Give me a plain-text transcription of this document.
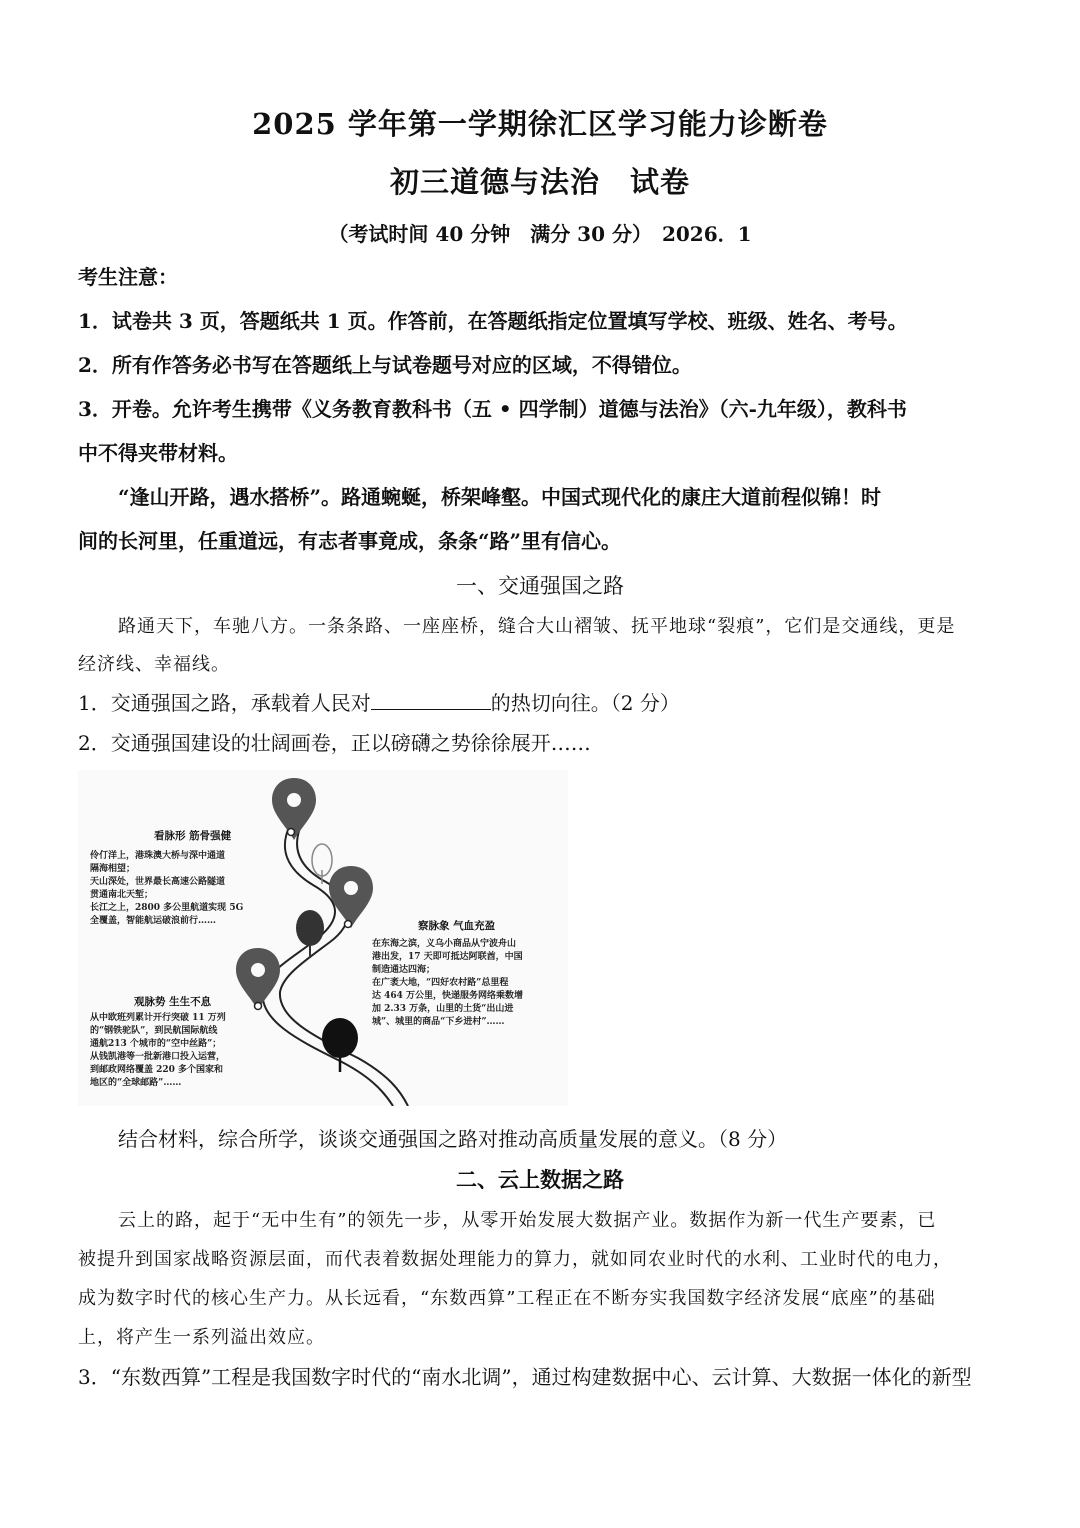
2025 学年第一学期徐汇区学习能力诊断卷
初三道德与法治　试卷
（考试时间 40 分钟　满分 30 分）　2026．1
考生注意：
1．试卷共 3 页，答题纸共 1 页。作答前，在答题纸指定位置填写学校、班级、姓名、考号。
2．所有作答务必书写在答题纸上与试卷题号对应的区域，不得错位。
3．开卷。允许考生携带《义务教育教科书（五 • 四学制）道德与法治》（六-九年级），教科书
中不得夹带材料。
“逢山开路，遇水搭桥”。路通蜿蜒，桥架峰壑。中国式现代化的康庄大道前程似锦！时
间的长河里，任重道远，有志者事竟成，条条“路”里有信心。
一、交通强国之路
路通天下，车驰八方。一条条路、一座座桥，缝合大山褶皱、抚平地球“裂痕”，它们是交通线，更是
经济线、幸福线。
1．交通强国之路，承载着人民对	的热切向往。（2 分）
2．交通强国建设的壮阔画卷，正以磅礴之势徐徐展开……
看脉形 筋骨强健
伶仃洋上，港珠澳大桥与深中通道
隔海相望；
天山深处，世界最长高速公路隧道
贯通南北天堑；
长江之上，2800 多公里航道实现 5G
全覆盖，智能航运破浪前行……	察脉象 气血充盈
在东海之滨，义乌小商品从宁波舟山
港出发，17 天即可抵达阿联酋，中国
制造通达四海；
在广袤大地，“四好农村路”总里程
达 464 万公里，快递服务网络乘数增
加 2.33 万条，山里的土货“出山进
城”、城里的商品“下乡进村”……
观脉势 生生不息
从中欧班列累计开行突破 11 万列
的“钢铁驼队”，到民航国际航线
通航213 个城市的“空中丝路”；
从钱凯港等一批新港口投入运营，
到邮政网络覆盖 220 多个国家和
地区的“全球邮路”……
结合材料，综合所学，谈谈交通强国之路对推动高质量发展的意义。（8 分）
二、云上数据之路
云上的路，起于“无中生有”的领先一步，从零开始发展大数据产业。数据作为新一代生产要素，已
被提升到国家战略资源层面，而代表着数据处理能力的算力，就如同农业时代的水利、工业时代的电力，
成为数字时代的核心生产力。从长远看，“东数西算”工程正在不断夯实我国数字经济发展“底座”的基础
上，将产生一系列溢出效应。
3．“东数西算”工程是我国数字时代的“南水北调”，通过构建数据中心、云计算、大数据一体化的新型
